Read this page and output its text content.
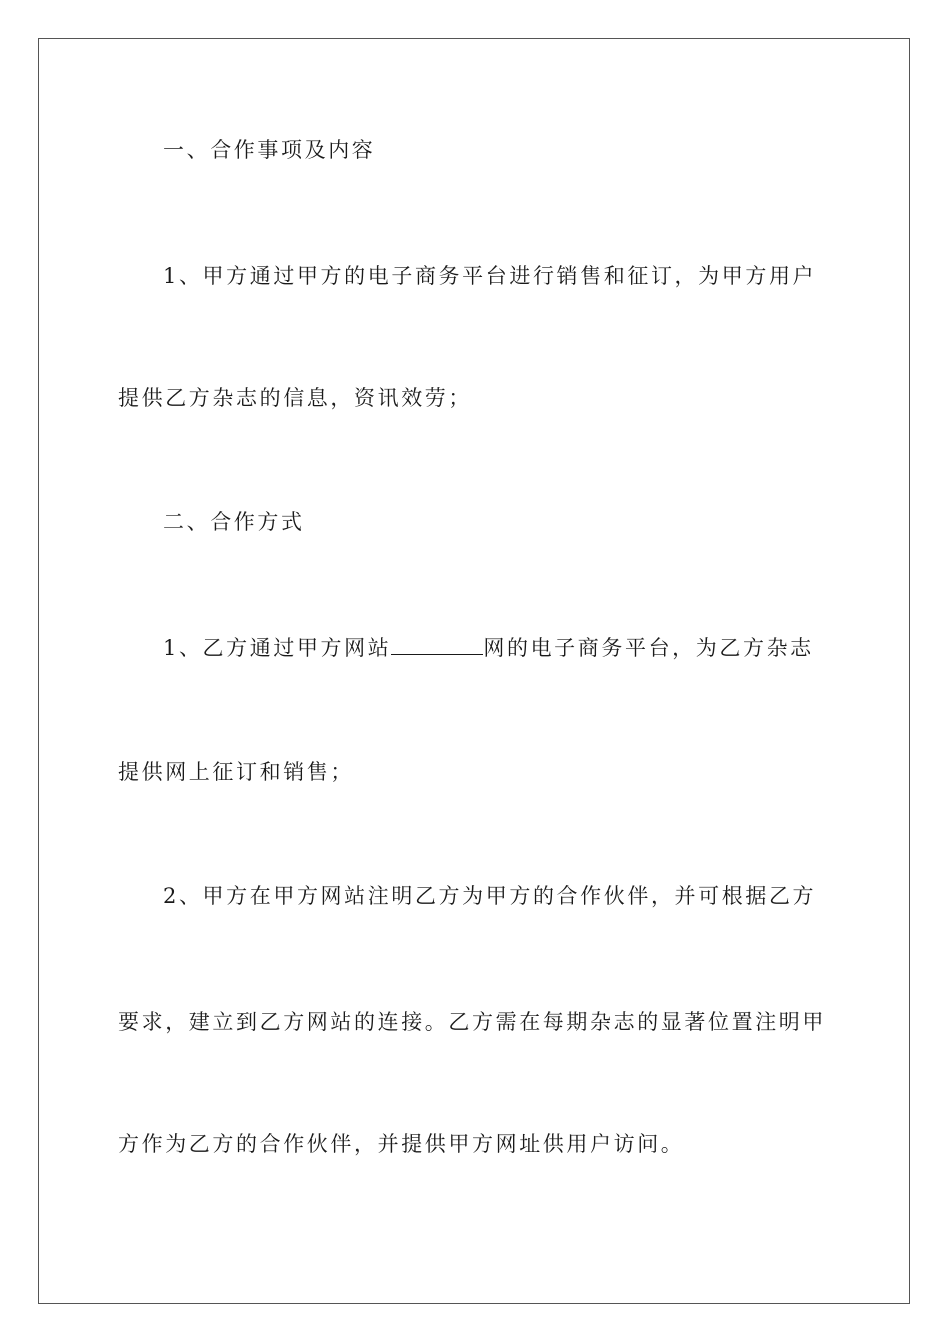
一、合作事项及内容
1、甲方通过甲方的电子商务平台进行销售和征订，为甲方用户
提供乙方杂志的信息，资讯效劳；
二、合作方式
1、乙方通过甲方网站	网的电子商务平台，为乙方杂志
提供网上征订和销售；
2、甲方在甲方网站注明乙方为甲方的合作伙伴，并可根据乙方
要求，建立到乙方网站的连接。乙方需在每期杂志的显著位置注明甲
方作为乙方的合作伙伴，并提供甲方网址供用户访问。
